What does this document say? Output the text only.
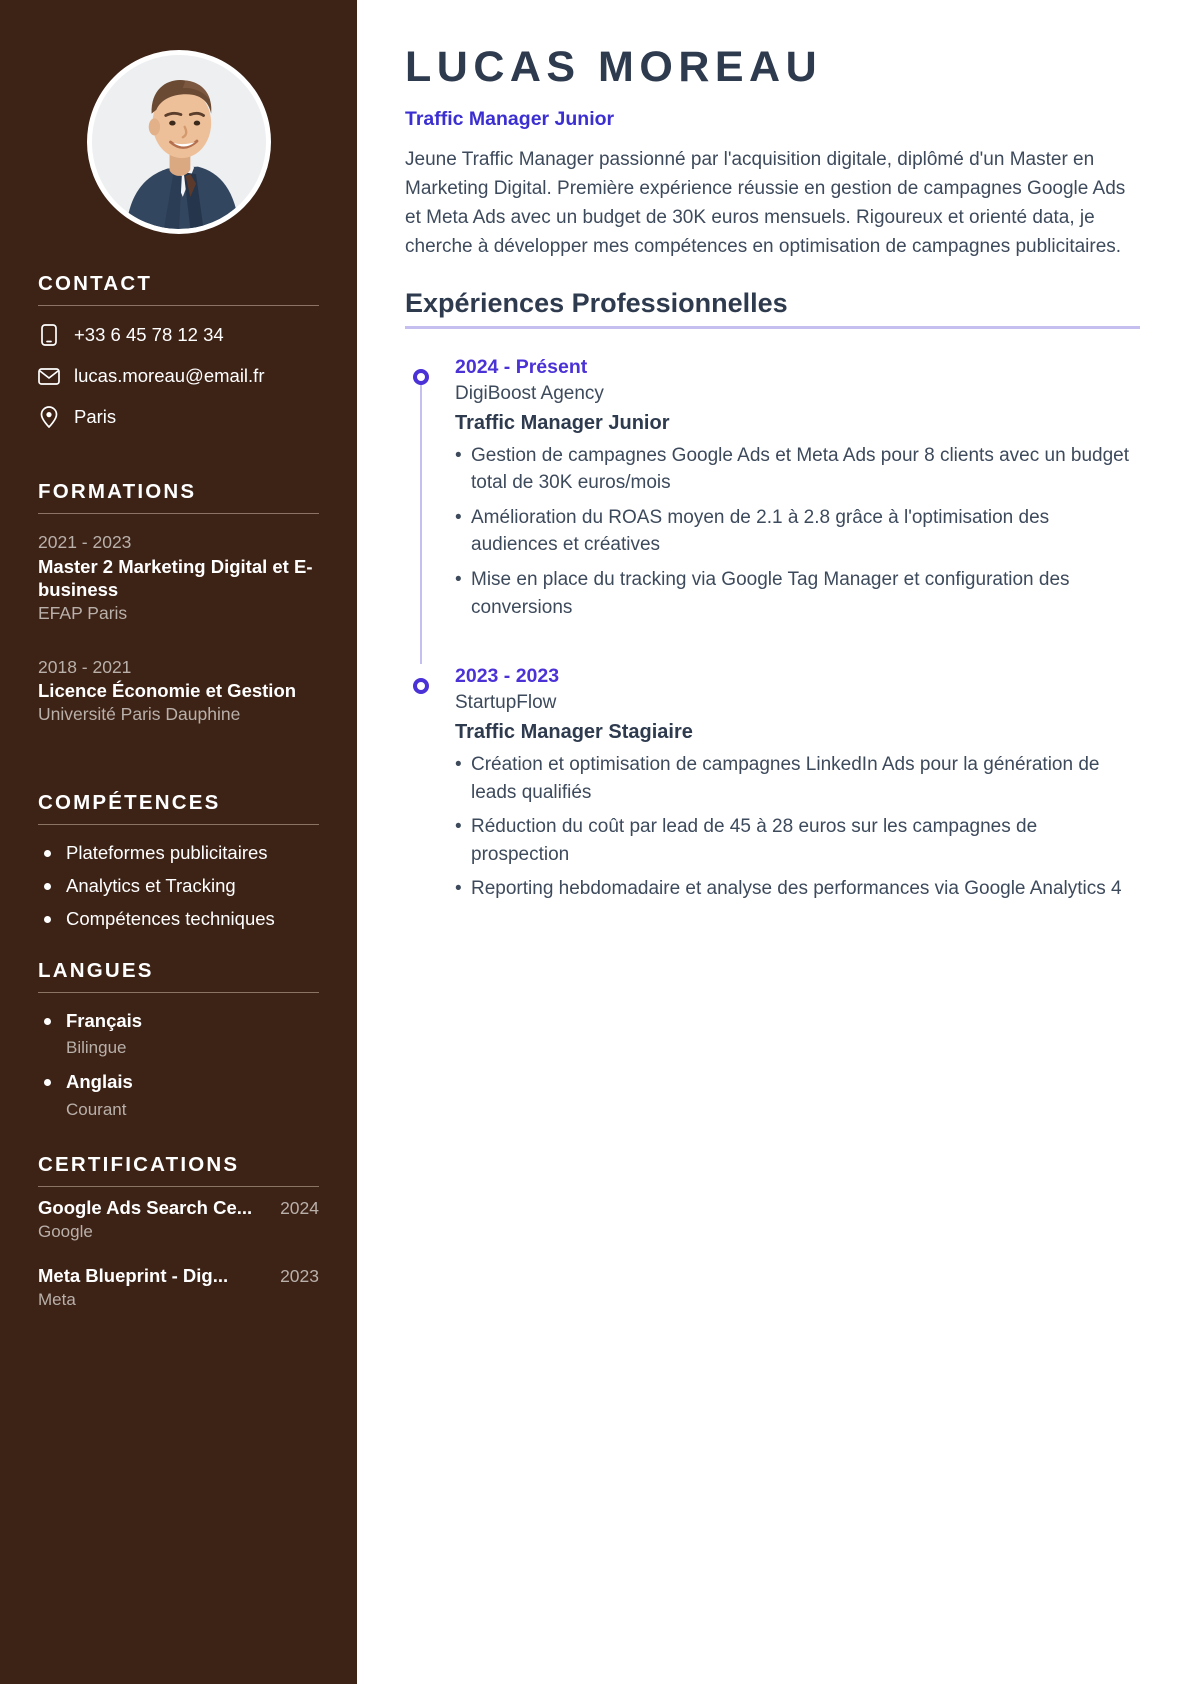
CONTACT
+33 6 45 78 12 34
lucas.moreau@email.fr
Paris
FORMATIONS
2021 - 2023
Master 2 Marketing Digital et E-business
EFAP Paris
2018 - 2021
Licence Économie et Gestion
Université Paris Dauphine
COMPÉTENCES
Plateformes publicitaires
Analytics et Tracking
Compétences techniques
LANGUES
Français
Bilingue
Anglais
Courant
CERTIFICATIONS
Google Ads Search Ce... 2024
Google
Meta Blueprint - Dig...	2023
Meta
LUCAS MOREAU
Traffic Manager Junior

Jeune Traffic Manager passionné par l'acquisition digitale, diplômé d'un Master en Marketing Digital. Première expérience réussie en gestion de campagnes Google Ads et Meta Ads avec un budget de 30K euros mensuels. Rigoureux et orienté data, je cherche à développer mes compétences en optimisation de campagnes publicitaires.

Expériences Professionnelles
2024 - Présent
DigiBoost Agency
Traffic Manager Junior
• Gestion de campagnes Google Ads et Meta Ads pour 8 clients avec un budget total de 30K euros/mois
• Amélioration du ROAS moyen de 2.1 à 2.8 grâce à l'optimisation des audiences et créatives
• Mise en place du tracking via Google Tag Manager et configuration des conversions
2023 - 2023
StartupFlow
Traffic Manager Stagiaire
• Création et optimisation de campagnes LinkedIn Ads pour la génération de leads qualifiés
• Réduction du coût par lead de 45 à 28 euros sur les campagnes de prospection
• Reporting hebdomadaire et analyse des performances via Google Analytics 4
